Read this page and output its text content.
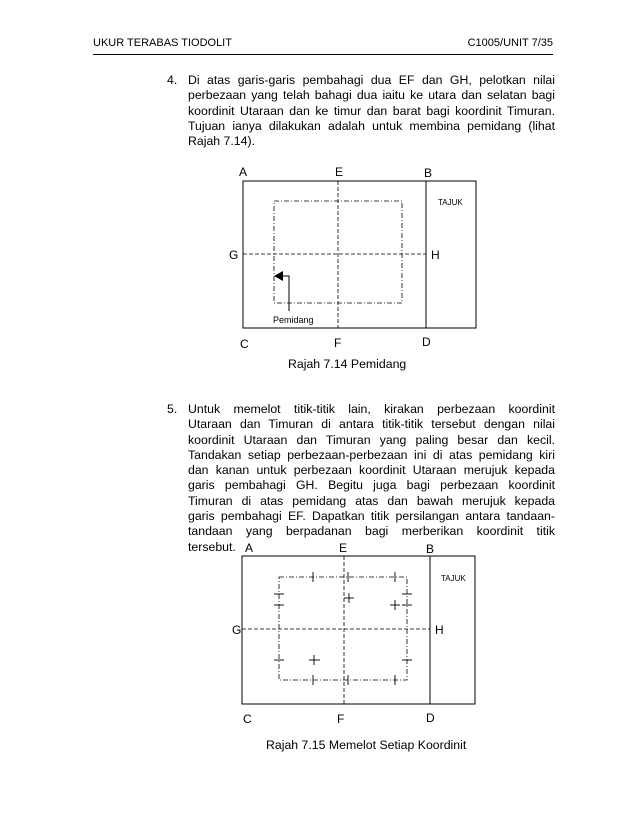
UKUR TERABAS TIODOLIT	C1005/UNIT 7/35
4. Di atas garis-garis pembahagi dua EF dan GH, pelotkan nilai
perbezaan yang telah bahagi dua iaitu ke utara dan selatan bagi
koordinit Utaraan dan ke timur dan barat bagi koordinit Timuran.
Tujuan ianya dilakukan adalah untuk membina pemidang (lihat
Rajah 7.14).
A	E	B
G	H
C	F	D
TAJUK
Pemidang
Rajah 7.14 Pemidang
5. Untuk memelot titik-titik lain, kirakan perbezaan koordinit
Utaraan dan Timuran di antara titik-titik tersebut dengan nilai
koordinit Utaraan dan Timuran yang paling besar dan kecil.
Tandakan setiap perbezaan-perbezaan ini di atas pemidang kiri
dan kanan untuk perbezaan koordinit Utaraan merujuk kepada
garis pembahagi GH. Begitu juga bagi perbezaan koordinit
Timuran di atas pemidang atas dan bawah merujuk kepada
garis pembahagi EF. Dapatkan titik persilangan antara tandaan-
tandaan yang berpadanan bagi merberikan koordinit titik
tersebut. A	E	B
G	H
C	F	D
TAJUK
Rajah 7.15 Memelot Setiap Koordinit
